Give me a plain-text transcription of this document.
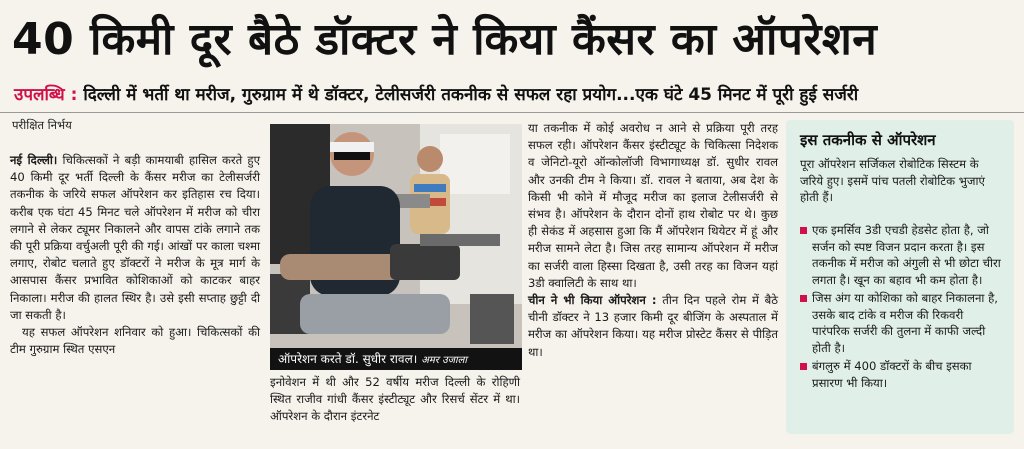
40 किमी दूर बैठे डॉक्टर ने किया कैंसर का ऑपरेशन
उपलब्धि : दिल्ली में भर्ती था मरीज, गुरुग्राम में थे डॉक्टर, टेलीसर्जरी तकनीक से सफल रहा प्रयोग...एक घंटे 45 मिनट में पूरी हुई सर्जरी
परीक्षित निर्भय

नई दिल्ली। चिकित्सकों ने बड़ी कामयाबी हासिल करते हुए 40 किमी दूर भर्ती दिल्ली के कैंसर मरीज का टेलीसर्जरी तकनीक के जरिये सफल ऑपरेशन कर इतिहास रच दिया। करीब एक घंटा 45 मिनट चले ऑपरेशन में मरीज को चीरा लगाने से लेकर ट्यूमर निकालने और वापस टांके लगाने तक की पूरी प्रक्रिया वर्चुअली पूरी की गई। आंखों पर काला चश्मा लगाए, रोबोट चलाते हुए डॉक्टरों ने मरीज के मूत्र मार्ग के आसपास कैंसर प्रभावित कोशिकाओं को काटकर बाहर निकाला। मरीज की हालत स्थिर है। उसे इसी सप्ताह छुट्टी दी जा सकती है।

यह सफल ऑपरेशन शनिवार को हुआ। चिकित्सकों की टीम गुरुग्राम स्थित एसएन

ऑपरेशन करते डॉ. सुधीर रावल। अमर उजाला

इनोवेशन में थी और 52 वर्षीय मरीज दिल्ली के रोहिणी स्थित राजीव गांधी कैंसर इंस्टीट्यूट और रिसर्च सेंटर में था। ऑपरेशन के दौरान इंटरनेट

या तकनीक में कोई अवरोध न आने से प्रक्रिया पूरी तरह सफल रही। ऑपरेशन कैंसर इंस्टीट्यूट के चिकित्सा निदेशक व जेनिटो-यूरो ऑन्कोलॉजी विभागाध्यक्ष डॉ. सुधीर रावल और उनकी टीम ने किया। डॉ. रावल ने बताया, अब देश के किसी भी कोने में मौजूद मरीज का इलाज टेलीसर्जरी से संभव है। ऑपरेशन के दौरान दोनों हाथ रोबोट पर थे। कुछ ही सेकंड में अहसास हुआ कि मैं ऑपरेशन थियेटर में हूं और मरीज सामने लेटा है। जिस तरह सामान्य ऑपरेशन में मरीज का सर्जरी वाला हिस्सा दिखता है, उसी तरह का विजन यहां 3डी क्वालिटी के साथ था।

चीन ने भी किया ऑपरेशन : तीन दिन पहले रोम में बैठे चीनी डॉक्टर ने 13 हजार किमी दूर बीजिंग के अस्पताल में मरीज का ऑपरेशन किया। यह मरीज प्रोस्टेट कैंसर से पीड़ित था।

इस तकनीक से ऑपरेशन
पूरा ऑपरेशन सर्जिकल रोबोटिक सिस्टम के जरिये हुए। इसमें पांच पतली रोबोटिक भुजाएं होती हैं।
एक इमर्सिव 3डी एचडी हेडसेट होता है, जो सर्जन को स्पष्ट विजन प्रदान करता है। इस तकनीक में मरीज को अंगुली से भी छोटा चीरा लगता है। खून का बहाव भी कम होता है।
जिस अंग या कोशिका को बाहर निकालना है, उसके बाद टांके व मरीज की रिकवरी पारंपरिक सर्जरी की तुलना में काफी जल्दी होती है।
बंगलुरु में 400 डॉक्टरों के बीच इसका प्रसारण भी किया।
